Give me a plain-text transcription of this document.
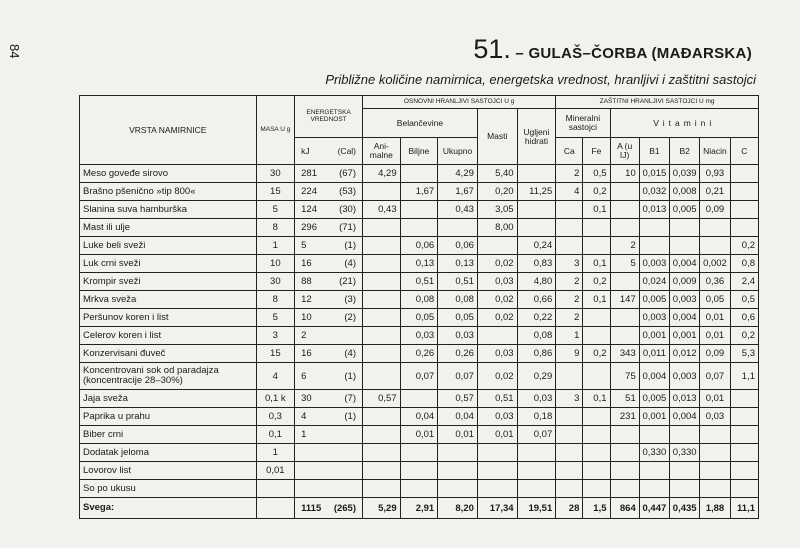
84	51. – GULAŠ–ČORBA (MAĐARSKA)
Približne količine namirnica, energetska vrednost, hranljivi i zaštitni sastojci
VRSTA NAMIRNICE	MASA U g	ENERGETSKA VREDNOST	OSNOVNI HRANLJIVI SASTOJCI U g					ZAŠTITNI HRANLJIVI SASTOJCI U mg						
			Belančevine			Masti	Ugljeni hidrati	Mineralni sastojci		Vitamini				

		kJ (Cal)	Ani-malne	Biljne	Ukupno			Ca	Fe	A (u IJ)	B1	B2	Niacin	C
Meso goveđe sirovo	30	281 (67)	4,29		4,29	5,40		2	0,5	10	0,015	0,039	0,93	
Brašno pšenično »tip 800«	15	224 (53)		1,67	1,67	0,20	11,25	4	0,2		0,032	0,008	0,21	
Slanina suva hamburška	5	124 (30)	0,43		0,43	3,05			0,1		0,013	0,005	0,09	
Mast ili ulje	8	296 (71)				8,00								
Luke beli sveži	1	5 (1)		0,06	0,06		0,24			2				0,2
Luk crni sveži	10	16 (4)		0,13	0,13	0,02	0,83	3	0,1	5	0,003	0,004	0,002	0,8
Krompir sveži	30	88 (21)		0,51	0,51	0,03	4,80	2	0,2		0,024	0,009	0,36	2,4
Mrkva sveža	8	12 (3)		0,08	0,08	0,02	0,66	2	0,1	147	0,005	0,003	0,05	0,5
Peršunov koren i list	5	10 (2)		0,05	0,05	0,02	0,22	2			0,003	0,004	0,01	0,6
Celerov koren i list	3	2		0,03	0,03		0,08	1			0,001	0,001	0,01	0,2
Konzervisani đuveč	15	16 (4)		0,26	0,26	0,03	0,86	9	0,2	343	0,011	0,012	0,09	5,3
Koncentrovani sok od paradajza (koncentracije 28–30%)	4	6 (1)		0,07	0,07	0,02	0,29			75	0,004	0,003	0,07	1,1
Jaja sveža	0,1 k	30 (7)	0,57		0,57	0,51	0,03	3	0,1	51	0,005	0,013	0,01	
Paprika u prahu	0,3	4 (1)		0,04	0,04	0,03	0,18			231	0,001	0,004	0,03	
Biber crni	0,1	1		0,01	0,01	0,01	0,07							
Dodatak jeloma	1										0,330	0,330		
Lovorov list	0,01	

So po ukusu		

Svega:		1115 (265)	5,29	2,91	8,20	17,34	19,51	28	1,5	864	0,447	0,435	1,88	11,1
